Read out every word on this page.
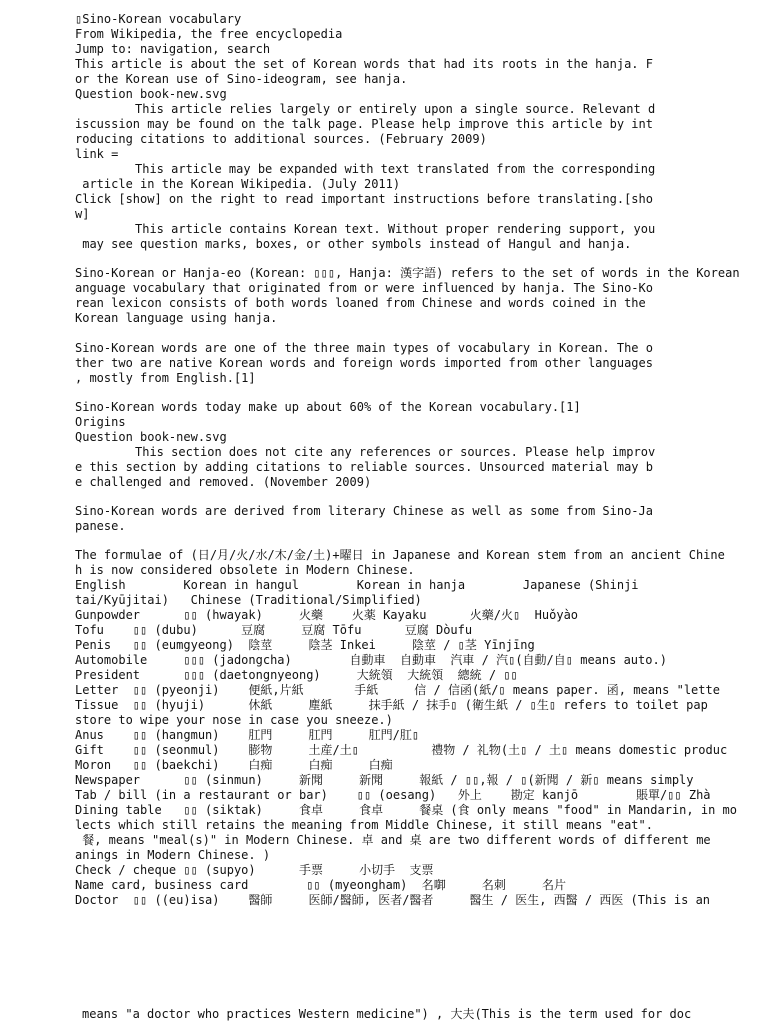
▯Sino-Korean vocabulary
From Wikipedia, the free encyclopedia
Jump to: navigation, search
This article is about the set of Korean words that had its roots in the hanja. F
or the Korean use of Sino-ideogram, see hanja.
Question book-new.svg
This article relies largely or entirely upon a single source. Relevant d
iscussion may be found on the talk page. Please help improve this article by int
roducing citations to additional sources. (February 2009)
link =
This article may be expanded with text translated from the corresponding
article in the Korean Wikipedia. (July 2011)
Click [show] on the right to read important instructions before translating.[sho
w]
This article contains Korean text. Without proper rendering support, you
may see question marks, boxes, or other symbols instead of Hangul and hanja.
Sino-Korean or Hanja-eo (Korean: ▯▯▯, Hanja: 漢字語) refers to the set of words in the Korean
anguage vocabulary that originated from or were influenced by hanja. The Sino-Ko
rean lexicon consists of both words loaned from Chinese and words coined in the
Korean language using hanja.
Sino-Korean words are one of the three main types of vocabulary in Korean. The o
ther two are native Korean words and foreign words imported from other languages
, mostly from English.[1]
Sino-Korean words today make up about 60% of the Korean vocabulary.[1]
Origins
Question book-new.svg
This section does not cite any references or sources. Please help improv
e this section by adding citations to reliable sources. Unsourced material may b
e challenged and removed. (November 2009)
Sino-Korean words are derived from literary Chinese as well as some from Sino-Ja
panese.
The formulae of (日/月/火/水/木/金/土)+曜日 in Japanese and Korean stem from an ancient Chine
h is now considered obsolete in Modern Chinese.
English        Korean in hangul        Korean in hanja        Japanese (Shinji
tai/Kyūjitai)   Chinese (Traditional/Simplified)
Gunpowder      ▯▯ (hwayak)     火藥    火薬 Kayaku      火藥/火▯  Huǒyào
Tofu    ▯▯ (dubu)      豆腐     豆腐 Tōfu      豆腐 Dòufu
Penis   ▯▯ (eumgyeong)  陰莖     陰茎 Inkei     陰莖 / ▯茎 Yīnjīng
Automobile     ▯▯▯ (jadongcha)        自動車  自動車  汽車 / 汽▯(自動/自▯ means auto.)
President      ▯▯▯ (daetongnyeong)     大統領  大統領  總統 / ▯▯
Letter  ▯▯ (pyeonji)    便紙,片紙       手紙     信 / 信函(紙/▯ means paper. 函, means "lette
Tissue  ▯▯ (hyuji)      休紙     塵紙     抹手紙 / 抹手▯ (衛生紙 / ▯生▯ refers to toilet pap
store to wipe your nose in case you sneeze.)
Anus    ▯▯ (hangmun)    肛門     肛門     肛門/肛▯
Gift    ▯▯ (seonmul)    膨物     土産/土▯          禮物 / 礼物(土▯ / 土▯ means domestic produc
Moron   ▯▯ (baekchi)    白痴     白痴     白痴
Newspaper      ▯▯ (sinmun)     新聞     新聞     報紙 / ▯▯,報 / ▯(新聞 / 新▯ means simply
Tab / bill (in a restaurant or bar)    ▯▯ (oesang)   外上    勘定 kanjō        賬單/▯▯ Zhà
Dining table   ▯▯ (siktak)     食卓     食卓     餐桌 (食 only means "food" in Mandarin, in mo
lects which still retains the meaning from Middle Chinese, it still means "eat".
餐, means "meal(s)" in Modern Chinese. 卓 and 桌 are two different words of different me
anings in Modern Chinese. )
Check / cheque ▯▯ (supyo)      手票     小切手  支票
Name card, business card        ▯▯ (myeongham)  名啣     名刺     名片
Doctor  ▯▯ ((eu)isa)    醫師     医師/醫師, 医者/醫者     醫生 / 医生, 西醫 / 西医 (This is an
means "a doctor who practices Western medicine") , 大夫(This is the term used for doc
